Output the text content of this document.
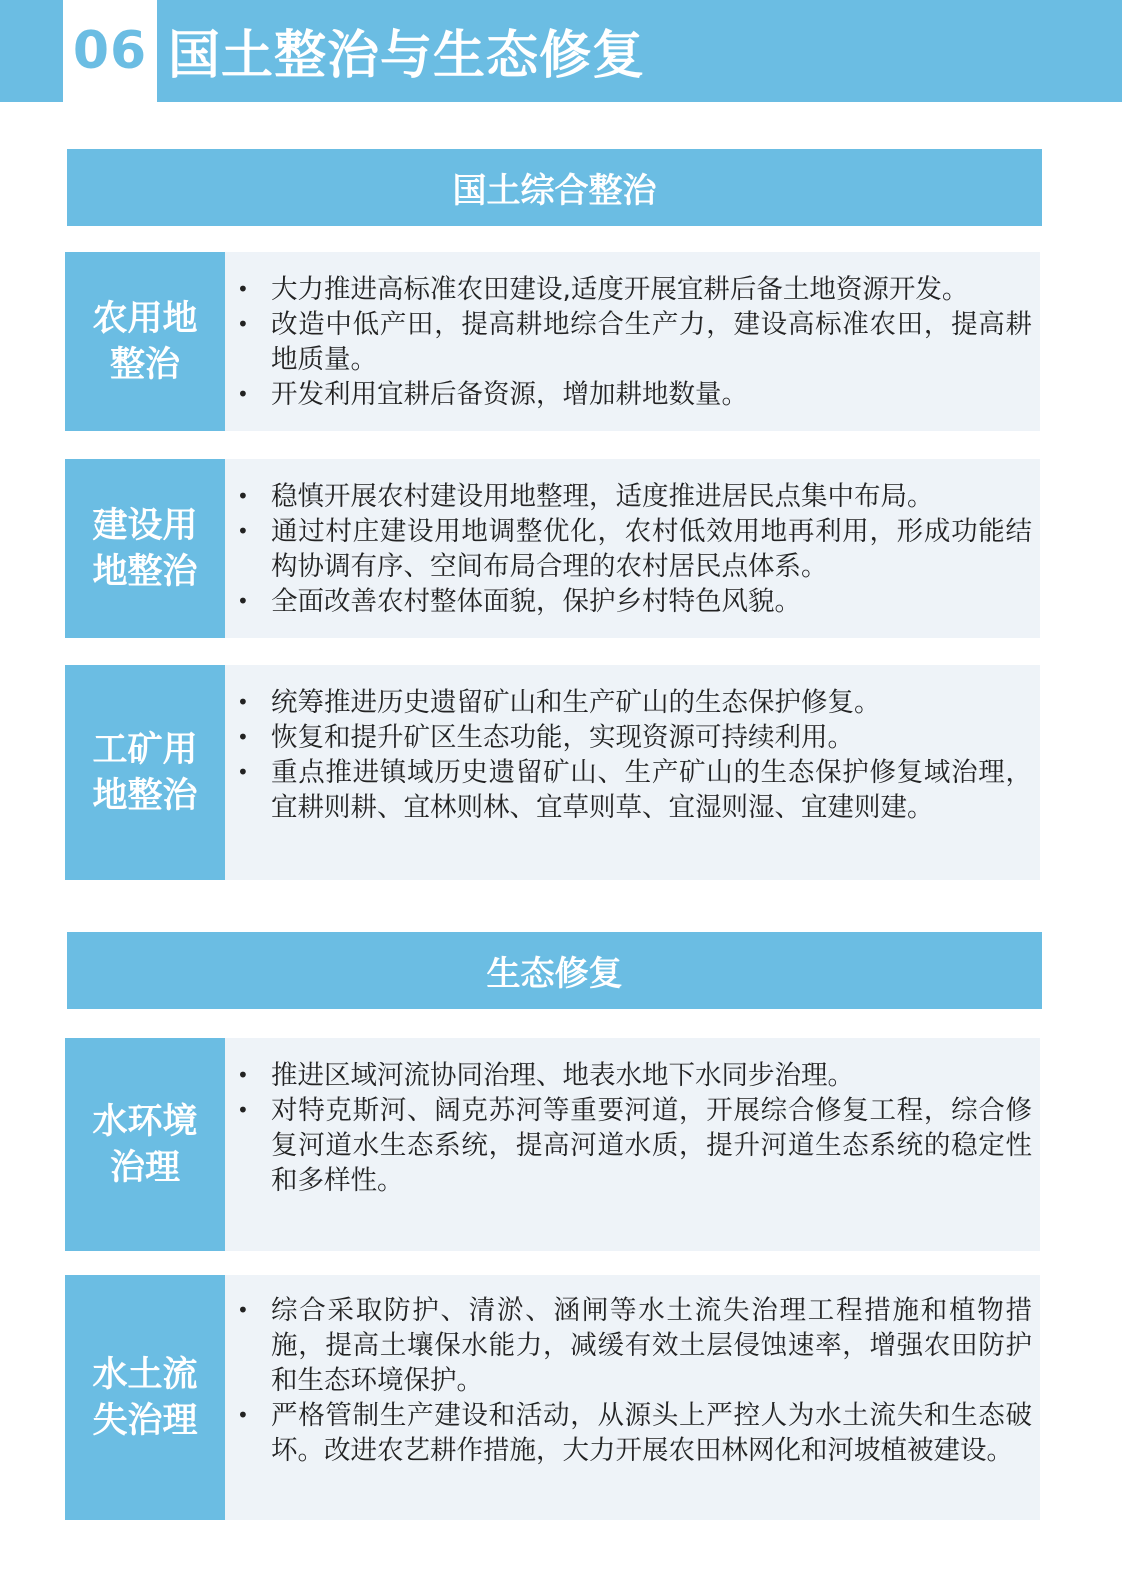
06 国土整治与生态修复
国土综合整治
农用地整治
• 大力推进高标准农田建设,适度开展宜耕后备土地资源开发。
• 改造中低产田，提高耕地综合生产力，建设高标准农田，提高耕地质量。
• 开发利用宜耕后备资源，增加耕地数量。
建设用地整治
• 稳慎开展农村建设用地整理，适度推进居民点集中布局。
• 通过村庄建设用地调整优化，农村低效用地再利用，形成功能结构协调有序、空间布局合理的农村居民点体系。
• 全面改善农村整体面貌，保护乡村特色风貌。
工矿用地整治
• 统筹推进历史遗留矿山和生产矿山的生态保护修复。
• 恢复和提升矿区生态功能，实现资源可持续利用。
• 重点推进镇域历史遗留矿山、生产矿山的生态保护修复域治理，宜耕则耕、宜林则林、宜草则草、宜湿则湿、宜建则建。
生态修复
水环境治理
• 推进区域河流协同治理、地表水地下水同步治理。
• 对特克斯河、阔克苏河等重要河道，开展综合修复工程，综合修复河道水生态系统，提高河道水质，提升河道生态系统的稳定性和多样性。
水土流失治理
• 综合采取防护、清淤、涵闸等水土流失治理工程措施和植物措施，提高土壤保水能力，减缓有效土层侵蚀速率，增强农田防护和生态环境保护。
• 严格管制生产建设和活动，从源头上严控人为水土流失和生态破坏。改进农艺耕作措施，大力开展农田林网化和河坡植被建设。
